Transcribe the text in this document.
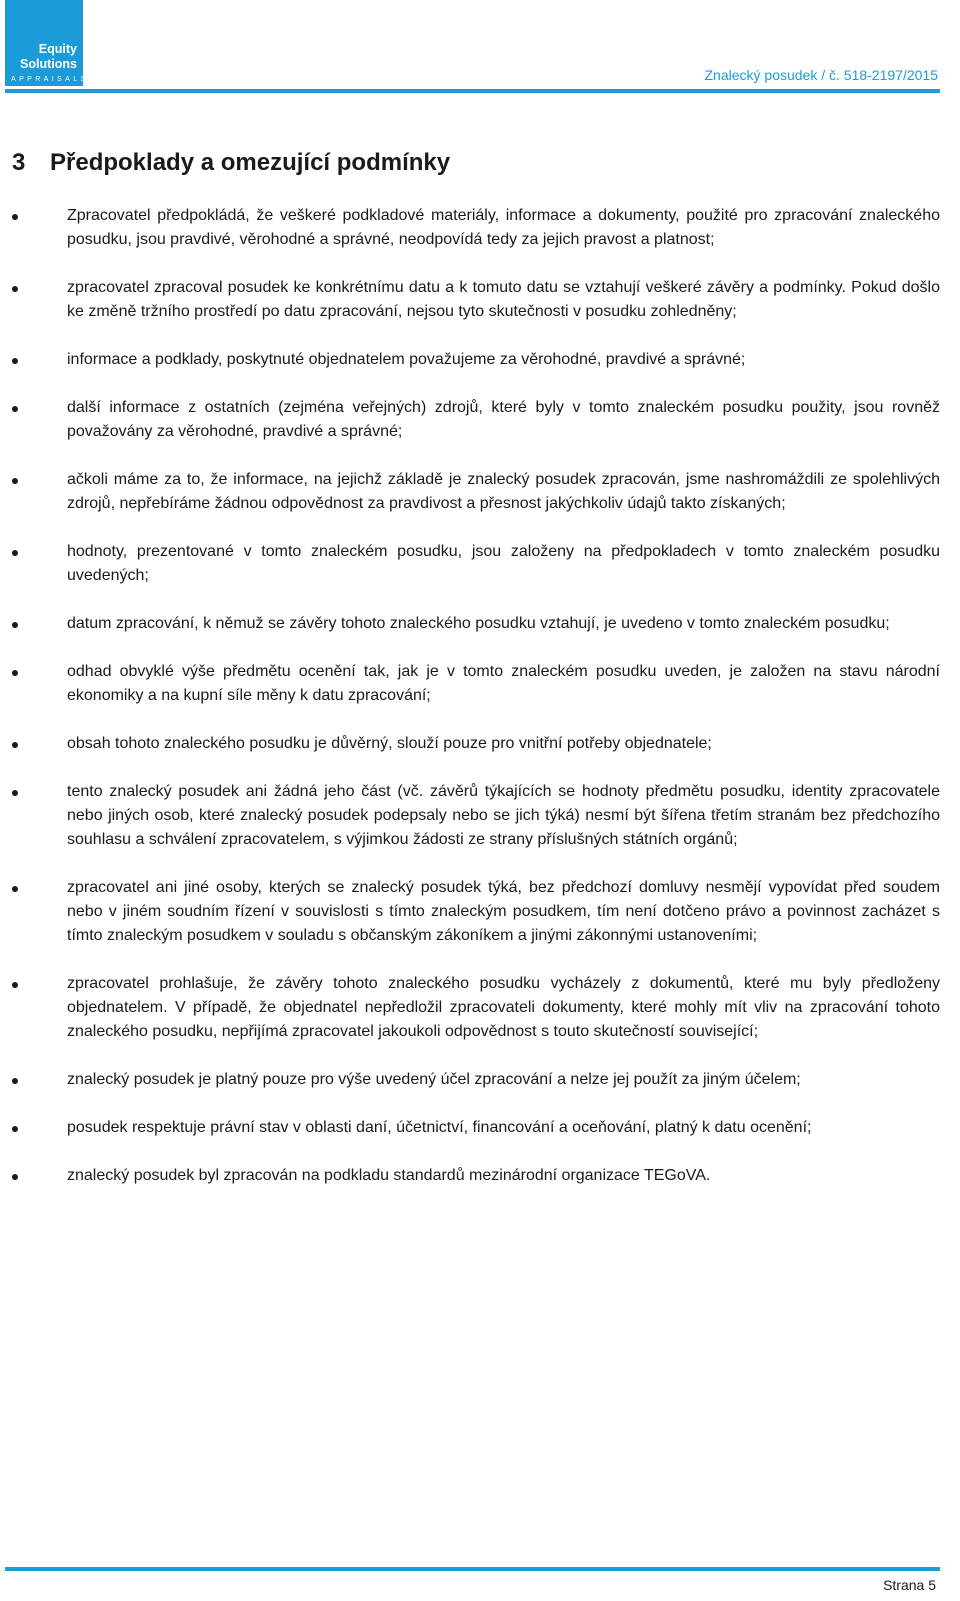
Equity
Solutions
APPRAISALS	Znalecký posudek / č. 518-2197/2015
3 Předpoklady a omezující podmínky
Zpracovatel předpokládá, že veškeré podkladové materiály, informace a dokumenty, použité pro zpracování znaleckého posudku, jsou pravdivé, věrohodné a správné, neodpovídá tedy za jejich pravost a platnost;
zpracovatel zpracoval posudek ke konkrétnímu datu a k tomuto datu se vztahují veškeré závěry a podmínky. Pokud došlo ke změně tržního prostředí po datu zpracování, nejsou tyto skutečnosti v posudku zohledněny;
informace a podklady, poskytnuté objednatelem považujeme za věrohodné, pravdivé a správné;
další informace z ostatních (zejména veřejných) zdrojů, které byly v tomto znaleckém posudku použity, jsou rovněž považovány za věrohodné, pravdivé a správné;
ačkoli máme za to, že informace, na jejichž základě je znalecký posudek zpracován, jsme nashromáždili ze spolehlivých zdrojů, nepřebíráme žádnou odpovědnost za pravdivost a přesnost jakýchkoliv údajů takto získaných;
hodnoty, prezentované v tomto znaleckém posudku, jsou založeny na předpokladech v tomto znaleckém posudku uvedených;
datum zpracování, k němuž se závěry tohoto znaleckého posudku vztahují, je uvedeno v tomto znaleckém posudku;
odhad obvyklé výše předmětu ocenění tak, jak je v tomto znaleckém posudku uveden, je založen na stavu národní ekonomiky a na kupní síle měny k datu zpracování;
obsah tohoto znaleckého posudku je důvěrný, slouží pouze pro vnitřní potřeby objednatele;
tento znalecký posudek ani žádná jeho část (vč. závěrů týkajících se hodnoty předmětu posudku, identity zpracovatele nebo jiných osob, které znalecký posudek podepsaly nebo se jich týká) nesmí být šířena třetím stranám bez předchozího souhlasu a schválení zpracovatelem, s výjimkou žádosti ze strany příslušných státních orgánů;
zpracovatel ani jiné osoby, kterých se znalecký posudek týká, bez předchozí domluvy nesmějí vypovídat před soudem nebo v jiném soudním řízení v souvislosti s tímto znaleckým posudkem, tím není dotčeno právo a povinnost zacházet s tímto znaleckým posudkem v souladu s občanským zákoníkem a jinými zákonnými ustanoveními;
zpracovatel prohlašuje, že závěry tohoto znaleckého posudku vycházely z dokumentů, které mu byly předloženy objednatelem. V případě, že objednatel nepředložil zpracovateli dokumenty, které mohly mít vliv na zpracování tohoto znaleckého posudku, nepřijímá zpracovatel jakoukoli odpovědnost s touto skutečností související;
znalecký posudek je platný pouze pro výše uvedený účel zpracování a nelze jej použít za jiným účelem;
posudek respektuje právní stav v oblasti daní, účetnictví, financování a oceňování, platný k datu ocenění;
znalecký posudek byl zpracován na podkladu standardů mezinárodní organizace TEGoVA.
Strana 5
